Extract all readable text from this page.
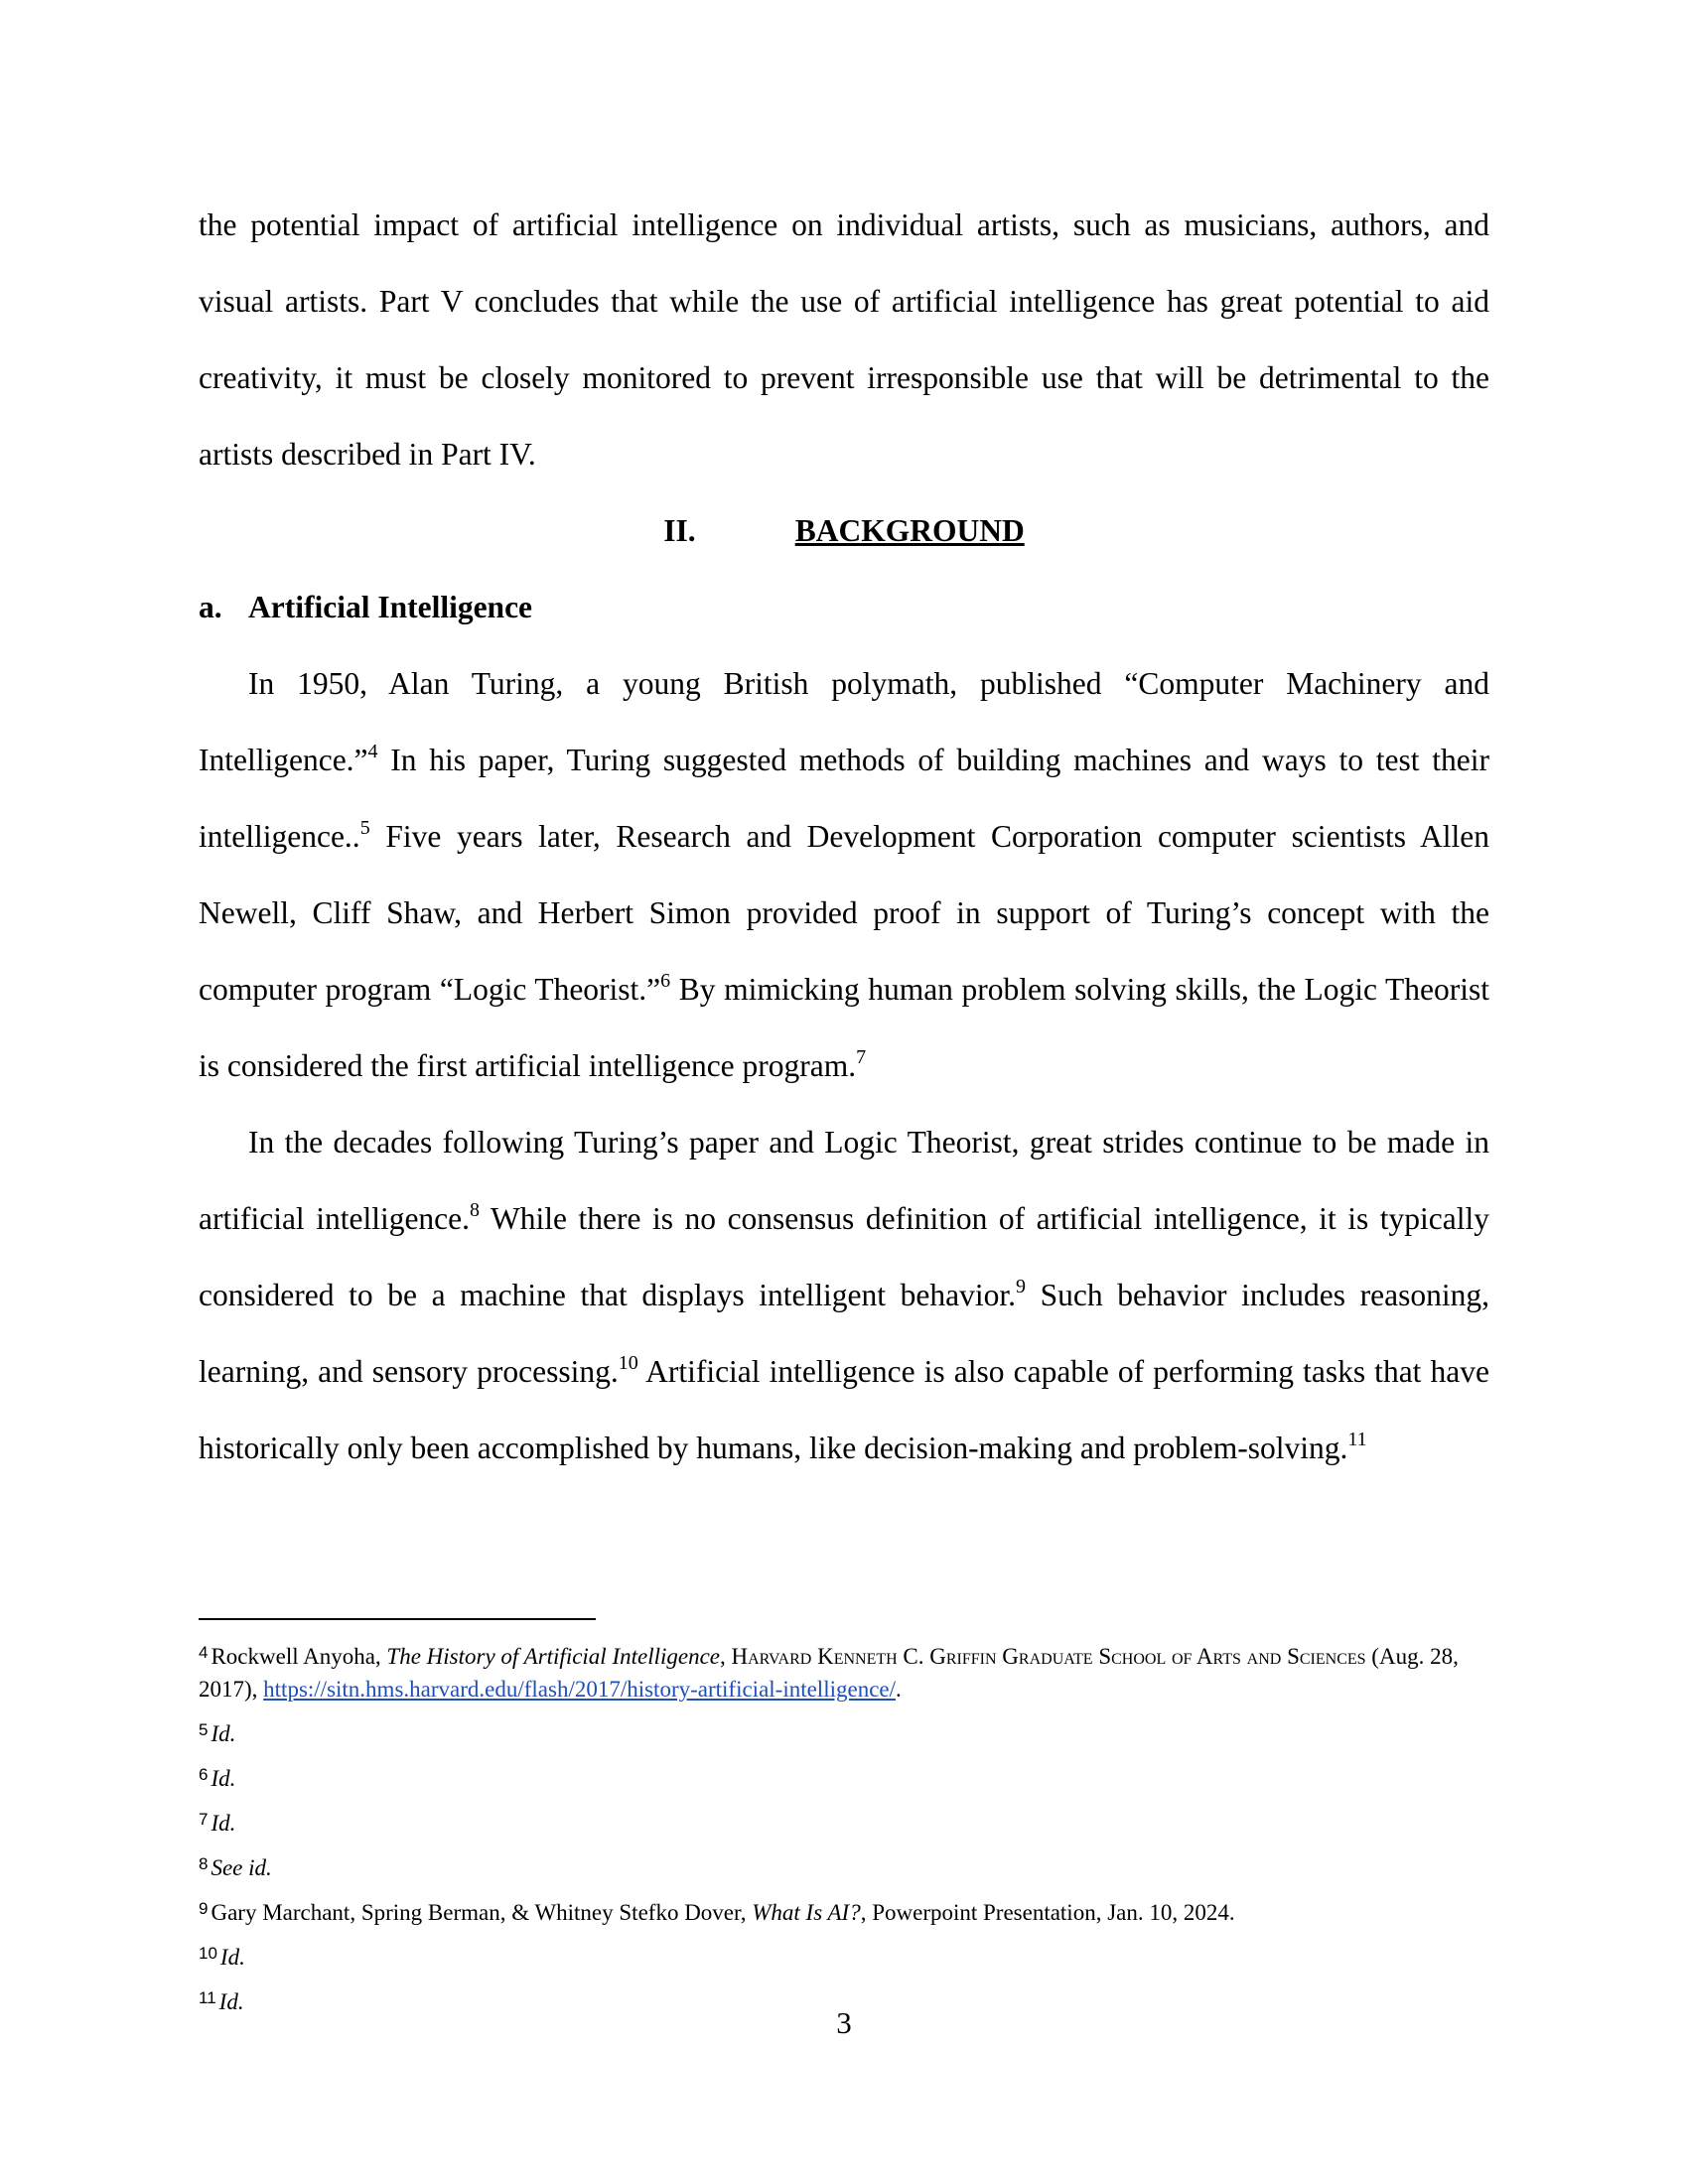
the potential impact of artificial intelligence on individual artists, such as musicians, authors, and visual artists. Part V concludes that while the use of artificial intelligence has great potential to aid creativity, it must be closely monitored to prevent irresponsible use that will be detrimental to the artists described in Part IV.

II.	BACKGROUND

a. Artificial Intelligence

In 1950, Alan Turing, a young British polymath, published “Computer Machinery and Intelligence.”$^4$ In his paper, Turing suggested methods of building machines and ways to test their intelligence..$^5$ Five years later, Research and Development Corporation computer scientists Allen Newell, Cliff Shaw, and Herbert Simon provided proof in support of Turing’s concept with the computer program “Logic Theorist.”$^6$ By mimicking human problem solving skills, the Logic Theorist is considered the first artificial intelligence program.$^7$

In the decades following Turing’s paper and Logic Theorist, great strides continue to be made in artificial intelligence.$^8$ While there is no consensus definition of artificial intelligence, it is typically considered to be a machine that displays intelligent behavior.$^9$ Such behavior includes reasoning, learning, and sensory processing.$^{10}$ Artificial intelligence is also capable of performing tasks that have historically only been accomplished by humans, like decision-making and problem-solving.$^{11}$

$^4$ Rockwell Anyoha, The History of Artificial Intelligence, Harvard Kenneth C. Griffin Graduate School of Arts and Sciences (Aug. 28, 2017), https://sitn.hms.harvard.edu/flash/2017/history-artificial-intelligence/.

$^5$ Id.

$^6$ Id.

$^7$ Id.

$^8$ See id.

$^9$ Gary Marchant, Spring Berman, & Whitney Stefko Dover, What Is AI?, Powerpoint Presentation, Jan. 10, 2024.

$^{10}$ Id.

$^{11}$ Id.

3
